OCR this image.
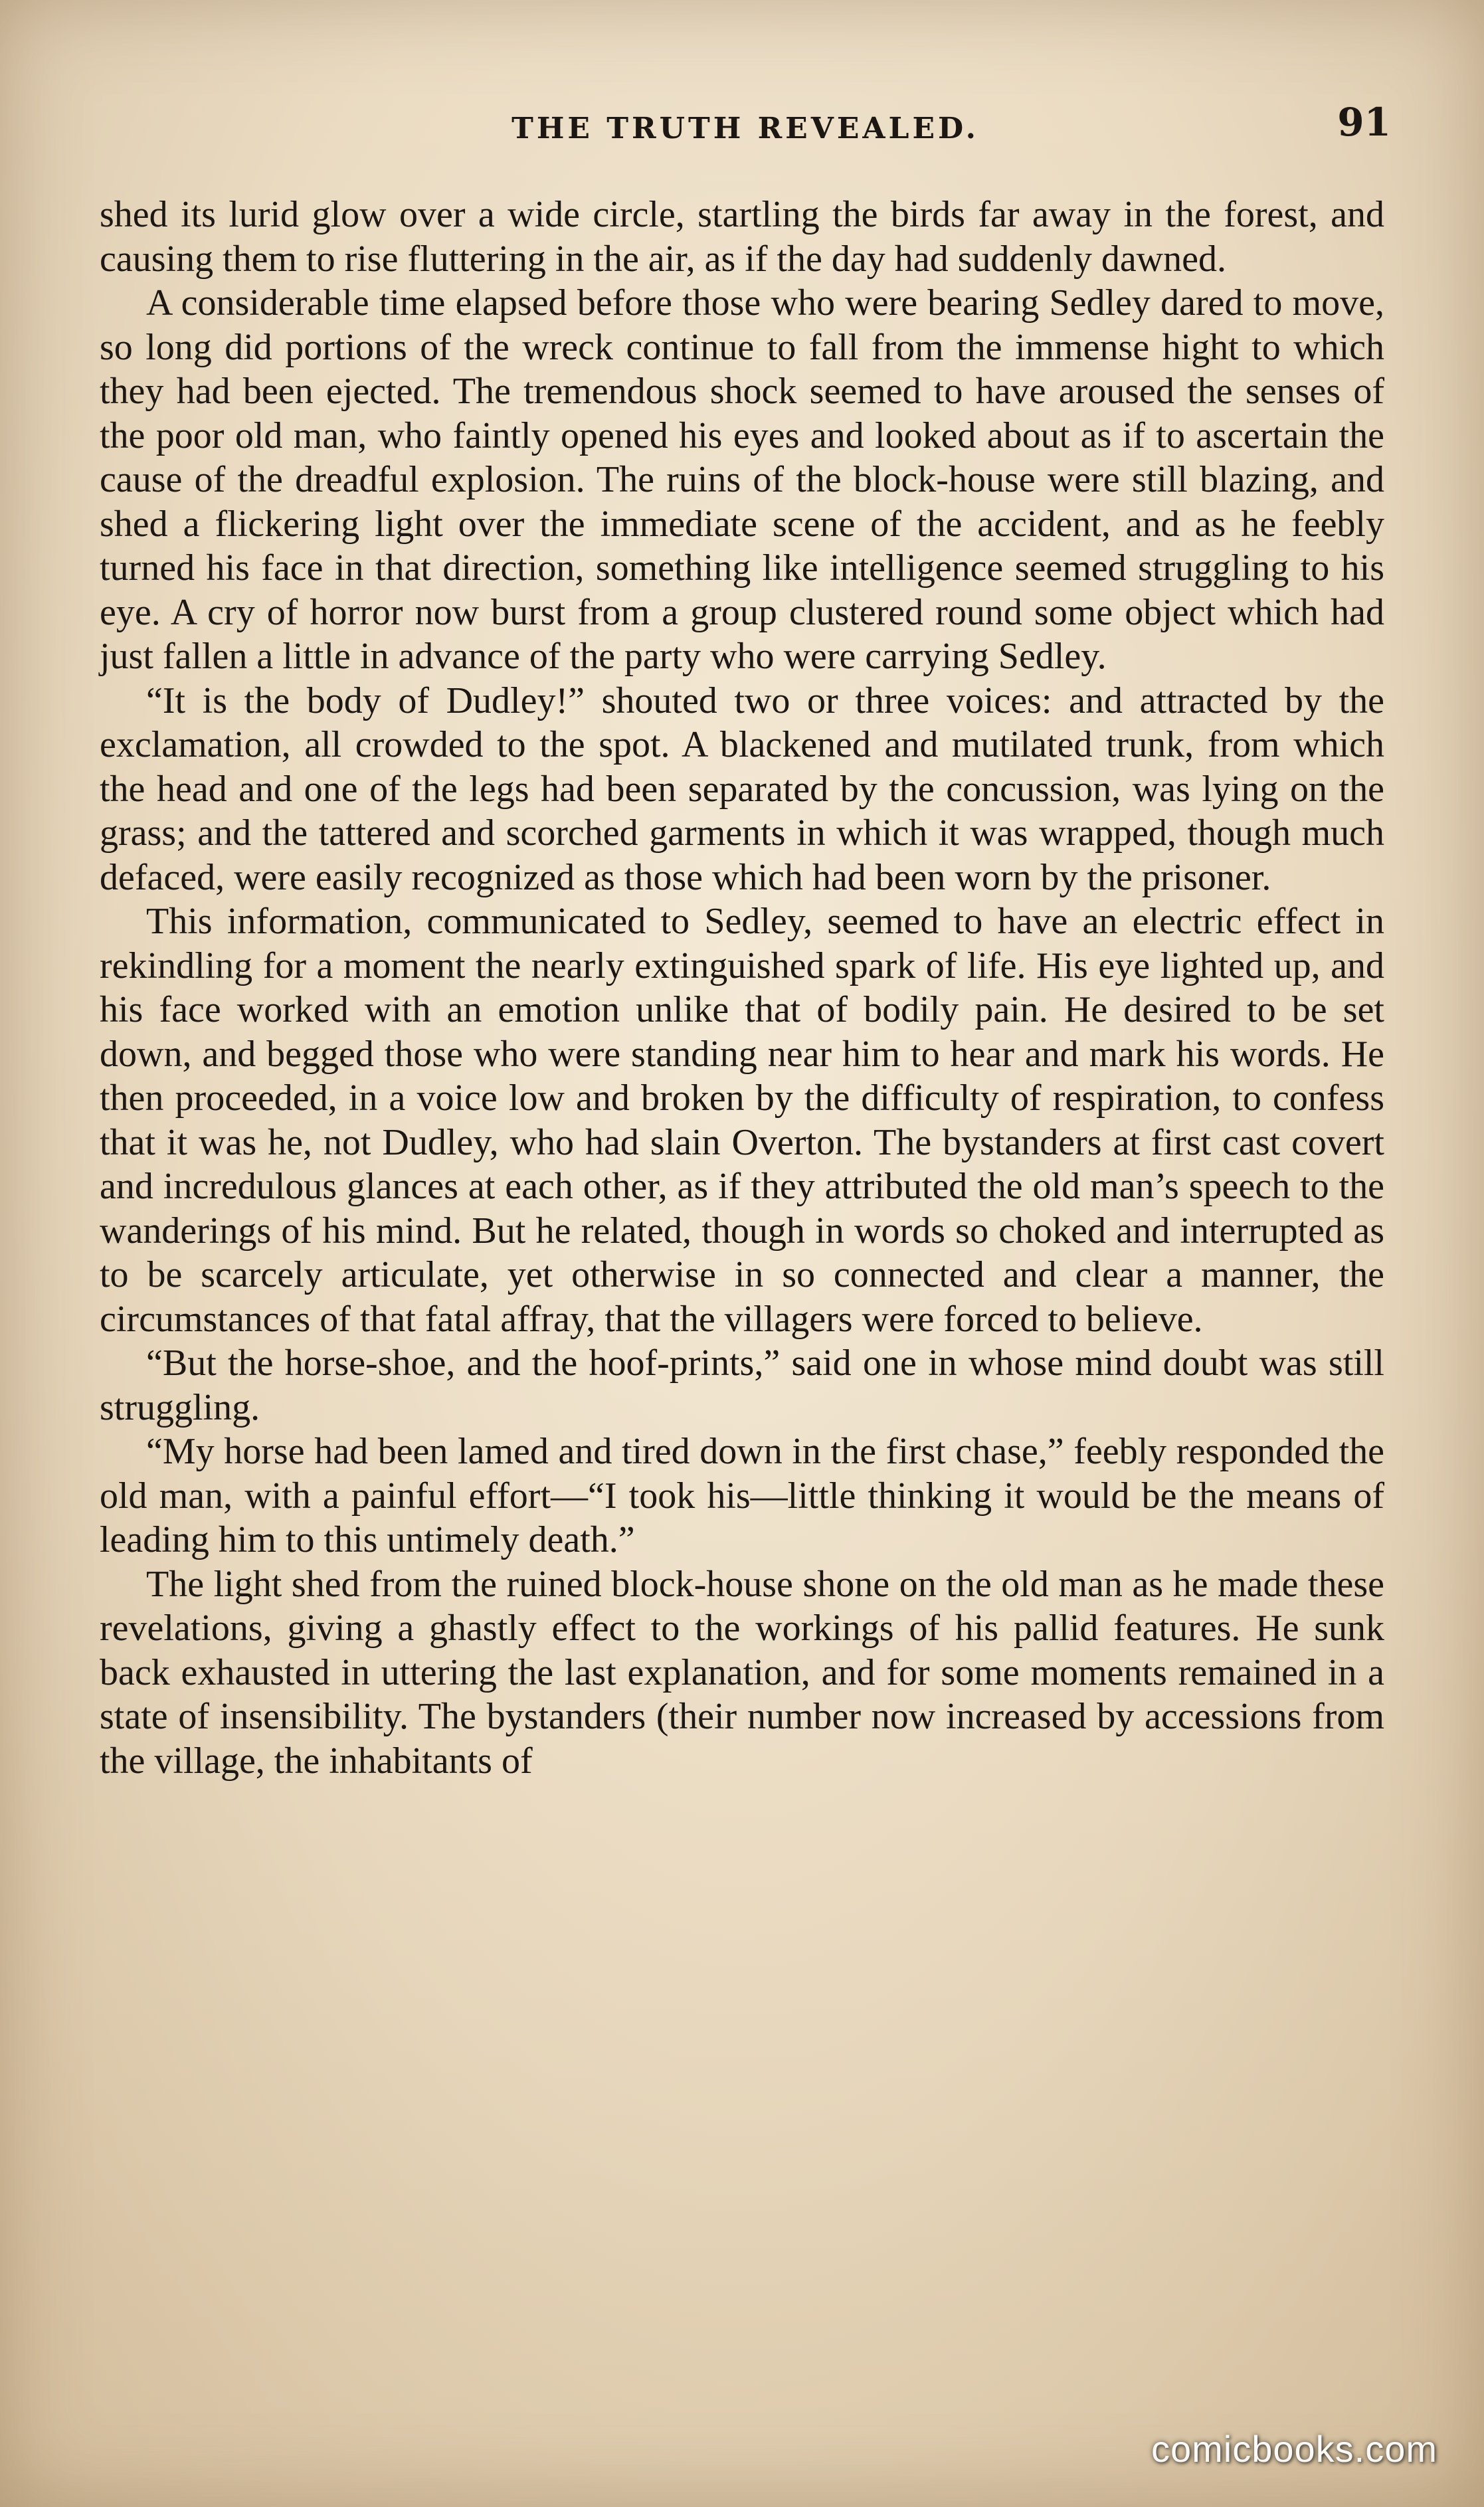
THE TRUTH REVEALED.	91

shed its lurid glow over a wide circle, startling the birds far away in the forest, and causing them to rise fluttering in the air, as if the day had suddenly dawned.

A considerable time elapsed before those who were bearing Sedley dared to move, so long did portions of the wreck continue to fall from the immense hight to which they had been ejected. The tremendous shock seemed to have aroused the senses of the poor old man, who faintly opened his eyes and looked about as if to ascertain the cause of the dreadful explosion. The ruins of the block-house were still blazing, and shed a flickering light over the immediate scene of the accident, and as he feebly turned his face in that direction, something like intelligence seemed struggling to his eye. A cry of horror now burst from a group clustered round some object which had just fallen a little in advance of the party who were carrying Sedley.

“It is the body of Dudley!” shouted two or three voices: and attracted by the exclamation, all crowded to the spot. A blackened and mutilated trunk, from which the head and one of the legs had been separated by the concussion, was lying on the grass; and the tattered and scorched garments in which it was wrapped, though much defaced, were easily recognized as those which had been worn by the prisoner.

This information, communicated to Sedley, seemed to have an electric effect in rekindling for a moment the nearly extinguished spark of life. His eye lighted up, and his face worked with an emotion unlike that of bodily pain. He desired to be set down, and begged those who were standing near him to hear and mark his words. He then proceeded, in a voice low and broken by the difficulty of respiration, to confess that it was he, not Dudley, who had slain Overton. The bystanders at first cast covert and incredulous glances at each other, as if they attributed the old man’s speech to the wanderings of his mind. But he related, though in words so choked and interrupted as to be scarcely articulate, yet otherwise in so connected and clear a manner, the circumstances of that fatal affray, that the villagers were forced to believe.

“But the horse-shoe, and the hoof-prints,” said one in whose mind doubt was still struggling.

“My horse had been lamed and tired down in the first chase,” feebly responded the old man, with a painful effort—“I took his—little thinking it would be the means of leading him to this untimely death.”

The light shed from the ruined block-house shone on the old man as he made these revelations, giving a ghastly effect to the workings of his pallid features. He sunk back exhausted in uttering the last explanation, and for some moments remained in a state of insensibility. The bystanders (their number now increased by accessions from the village, the inhabitants of

comicbooks.com
